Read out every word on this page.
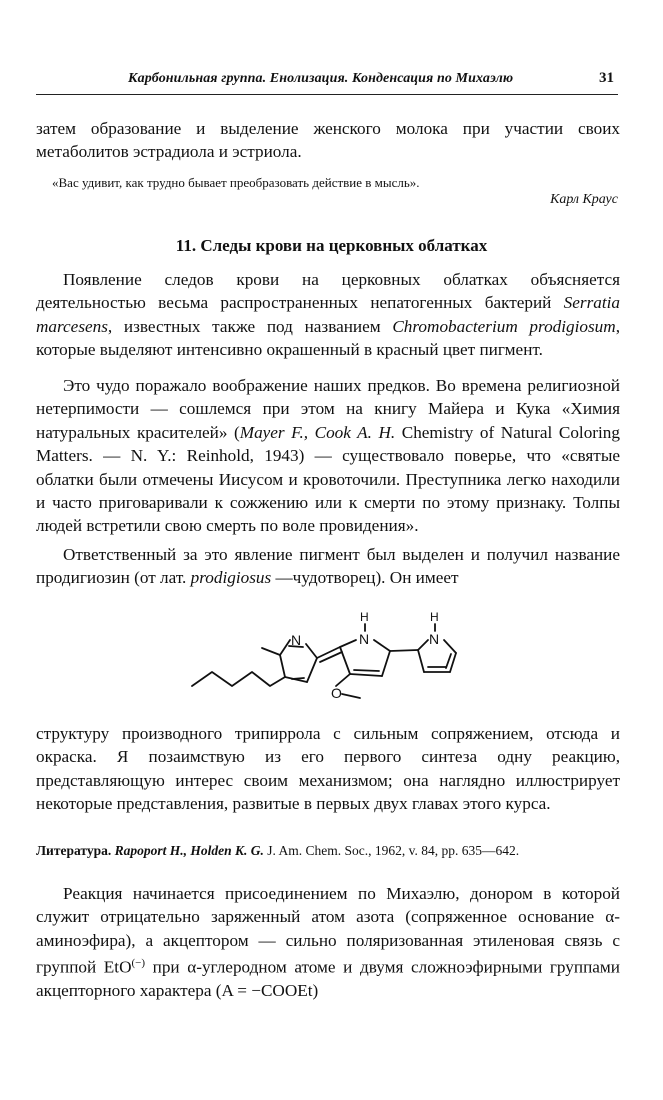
Карбонильная группа. Енолизация. Конденсация по Михаэлю	31
затем образование и выделение женского молока при участии своих метаболитов эстрадиола и эстриола.
«Вас удивит, как трудно бывает преобразовать действие в мысль».
Карл Краус
11. Следы крови на церковных облатках
Появление следов крови на церковных облатках объясняется деятельностью весьма распространенных непатогенных бактерий Serratia marcesens, известных также под названием Chromobacterium prodigiosum, которые выделяют интенсивно окрашенный в красный цвет пигмент.
Это чудо поражало воображение наших предков. Во времена религиозной нетерпимости — сошлемся при этом на книгу Майера и Кука «Химия натуральных красителей» (Mayer F., Cook A. H. Chemistry of Natural Coloring Matters. — N. Y.: Reinhold, 1943) — существовало поверье, что «святые облатки были отмечены Иисусом и кровоточили. Преступника легко находили и часто приговаривали к сожжению или к смерти по этому признаку. Толпы людей встретили свою смерть по воле провидения».
Ответственный за это явление пигмент был выделен и получил название продигиозин (от лат. prodigiosus —чудотворец). Он имеет
N	N
H
N
H
O
структуру производного трипиррола с сильным сопряжением, отсюда и окраска. Я позаимствую из его первого синтеза одну реакцию, представляющую интерес своим механизмом; она наглядно иллюстрирует некоторые представления, развитые в первых двух главах этого курса.
Литература. Rapoport H., Holden K. G. J. Am. Chem. Soc., 1962, v. 84, pp. 635—642.
Реакция начинается присоединением по Михаэлю, донором в которой служит отрицательно заряженный атом азота (сопряженное основание α-аминоэфира), а акцептором — сильно поляризованная этиленовая связь с группой EtO(−) при α-углеродном атоме и двумя сложноэфирными группами акцепторного характера (A = −COOEt)
